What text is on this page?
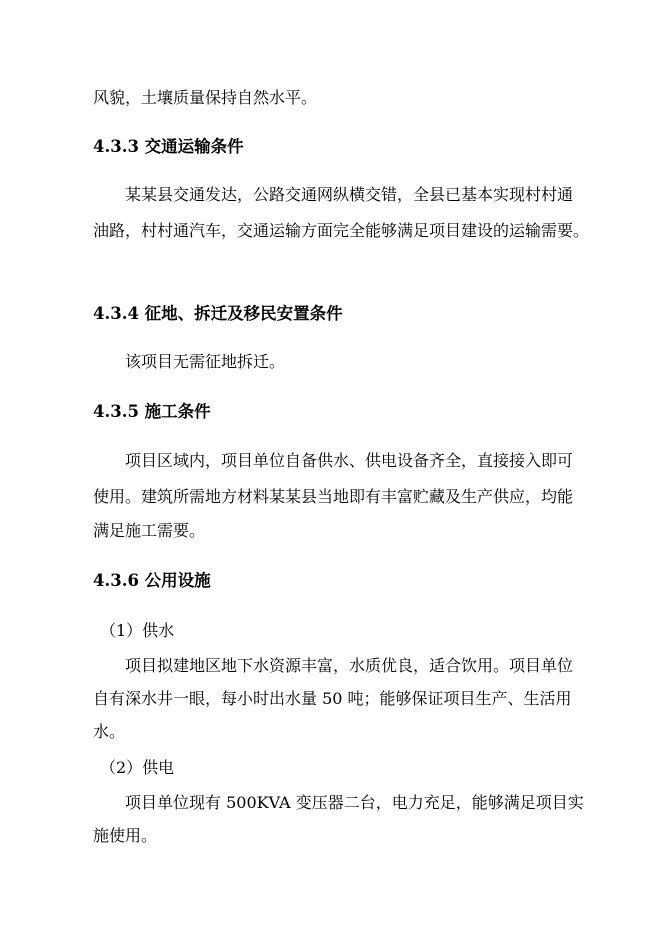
风貌，土壤质量保持自然水平。
4.3.3 交通运输条件
某某县交通发达，公路交通网纵横交错，全县已基本实现村村通
油路，村村通汽车，交通运输方面完全能够满足项目建设的运输需要。
4.3.4 征地、拆迁及移民安置条件
该项目无需征地拆迁。
4.3.5 施工条件
项目区域内，项目单位自备供水、供电设备齐全，直接接入即可
使用。建筑所需地方材料某某县当地即有丰富贮藏及生产供应，均能
满足施工需要。
4.3.6 公用设施
（1）供水
项目拟建地区地下水资源丰富，水质优良，适合饮用。项目单位
自有深水井一眼，每小时出水量 50 吨；能够保证项目生产、生活用
水。
（2）供电
项目单位现有 500KVA 变压器二台，电力充足，能够满足项目实
施使用。
